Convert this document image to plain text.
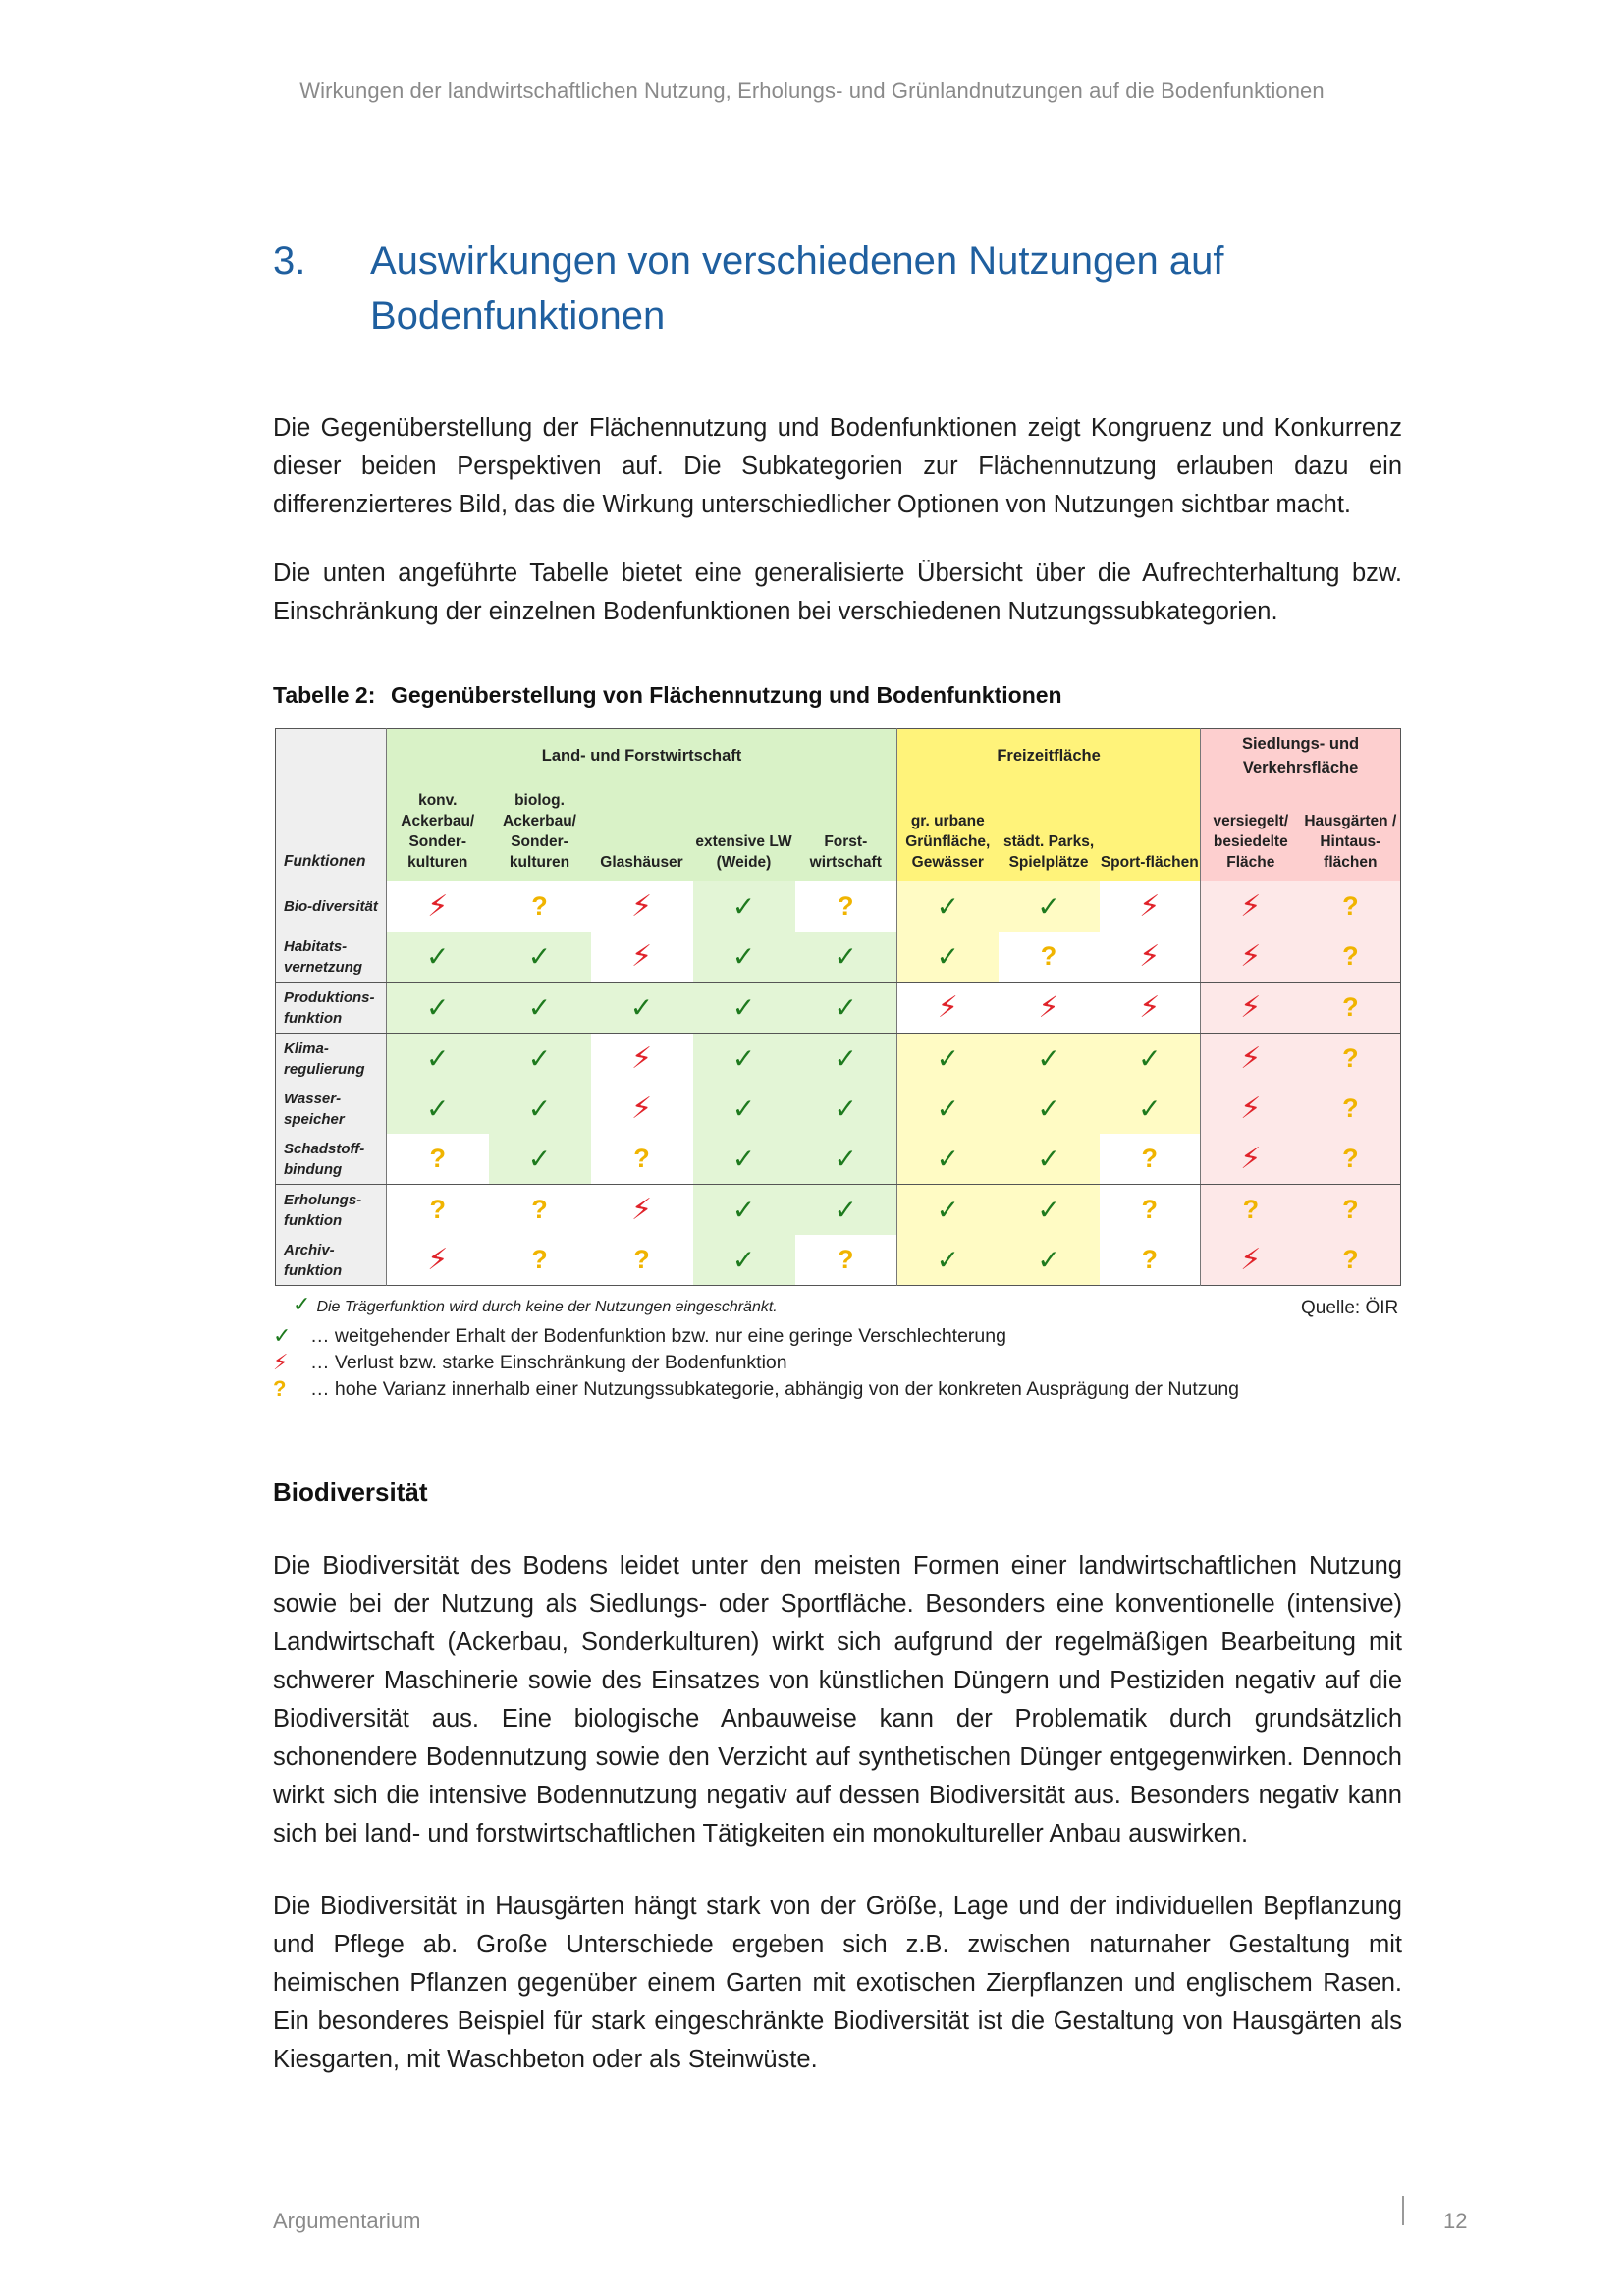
Wirkungen der landwirtschaftlichen Nutzung, Erholungs- und Grünlandnutzungen auf die Bodenfunktionen
3. Auswirkungen von verschiedenen Nutzungen auf Bodenfunktionen
Die Gegenüberstellung der Flächennutzung und Bodenfunktionen zeigt Kongruenz und Konkurrenz dieser beiden Perspektiven auf. Die Subkategorien zur Flächennutzung erlauben dazu ein differenzierteres Bild, das die Wirkung unterschiedlicher Optionen von Nutzungen sichtbar macht.
Die unten angeführte Tabelle bietet eine generalisierte Übersicht über die Aufrechterhaltung bzw. Einschränkung der einzelnen Bodenfunktionen bei verschiedenen Nutzungssubkategorien.
Tabelle 2: Gegenüberstellung von Flächennutzung und Bodenfunktionen
Funktionen	Land- und Forstwirtschaft					Freizeitfläche			Siedlungs- und Verkehrsfläche	
	konv. Ackerbau/ Sonder-kulturen	biolog. Ackerbau/ Sonder-kulturen	Glashäuser	extensive LW (Weide)	Forst-wirtschaft	gr. urbane Grünfläche, Gewässer	städt. Parks, Spielplätze	Sport-flächen	versiegelt/ besiedelte Fläche	Hausgärten / Hintaus-flächen
Bio-diversität	⚡	?	⚡	✓	?	✓	✓	⚡	⚡	?
Habitats-vernetzung	✓	✓	⚡	✓	✓	✓	?	⚡	⚡	?
Produktions-funktion	✓	✓	✓	✓	✓	⚡	⚡	⚡	⚡	?
Klima-regulierung	✓	✓	⚡	✓	✓	✓	✓	✓	⚡	?
Wasser-speicher	✓	✓	⚡	✓	✓	✓	✓	✓	⚡	?
Schadstoff-bindung	?	✓	?	✓	✓	✓	✓	?	⚡	?
Erholungs-funktion	?	?	⚡	✓	✓	✓	✓	?	?	?
Archiv-funktion	⚡	?	?	✓	?	✓	✓	?	⚡	?
✓ Die Trägerfunktion wird durch keine der Nutzungen eingeschränkt.	Quelle: ÖIR
✓	… weitgehender Erhalt der Bodenfunktion bzw. nur eine geringe Verschlechterung
⚡	… Verlust bzw. starke Einschränkung der Bodenfunktion
?	… hohe Varianz innerhalb einer Nutzungssubkategorie, abhängig von der konkreten Ausprägung der Nutzung
Biodiversität
Die Biodiversität des Bodens leidet unter den meisten Formen einer landwirtschaftlichen Nutzung sowie bei der Nutzung als Siedlungs- oder Sportfläche. Besonders eine konventionelle (intensive) Landwirtschaft (Ackerbau, Sonderkulturen) wirkt sich aufgrund der regelmäßigen Bearbeitung mit schwerer Maschinerie sowie des Einsatzes von künstlichen Düngern und Pestiziden negativ auf die Biodiversität aus. Eine biologische Anbauweise kann der Problematik durch grundsätzlich schonendere Bodennutzung sowie den Verzicht auf synthetischen Dünger entgegenwirken. Dennoch wirkt sich die intensive Bodennutzung negativ auf dessen Biodiversität aus. Besonders negativ kann sich bei land- und forstwirtschaftlichen Tätigkeiten ein monokultureller Anbau auswirken.
Die Biodiversität in Hausgärten hängt stark von der Größe, Lage und der individuellen Bepflanzung und Pflege ab. Große Unterschiede ergeben sich z.B. zwischen naturnaher Gestaltung mit heimischen Pflanzen gegenüber einem Garten mit exotischen Zierpflanzen und englischem Rasen. Ein besonderes Beispiel für stark eingeschränkte Biodiversität ist die Gestaltung von Hausgärten als Kiesgarten, mit Waschbeton oder als Steinwüste.
Argumentarium	12
